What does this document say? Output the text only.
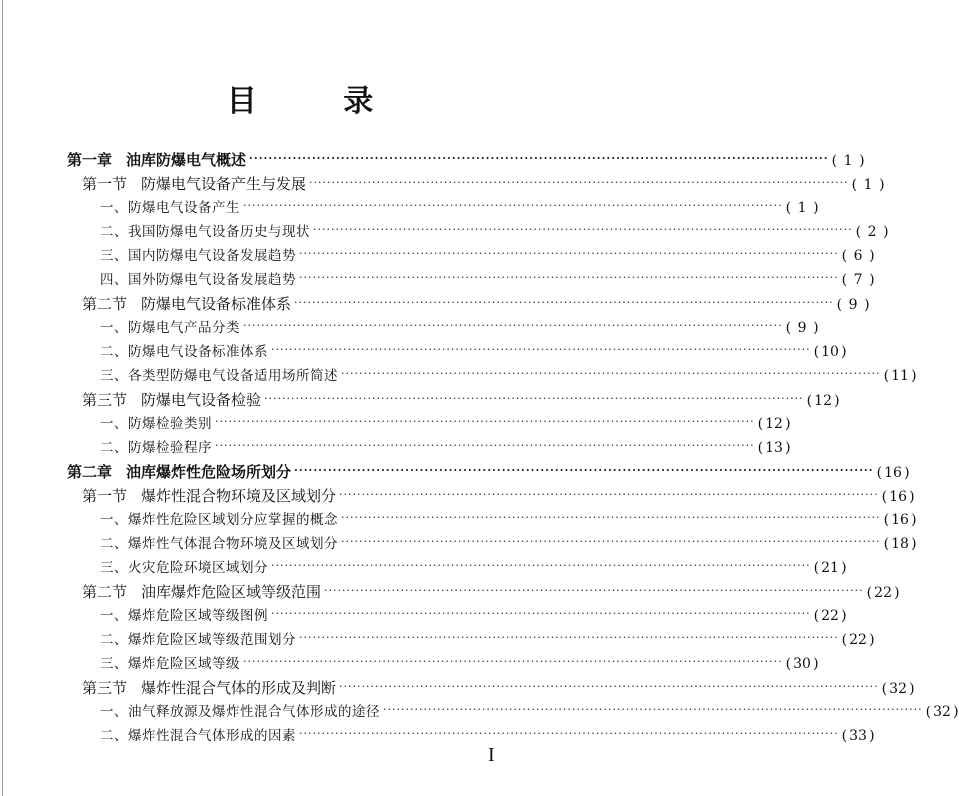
目 录
第一章 油库防爆电气概述 ························································································································ ( 1 )
第一节 防爆电气设备产生与发展 ························································································································ ( 1 )
一、防爆电气设备产生 ························································································································ ( 1 )
二、我国防爆电气设备历史与现状 ························································································································ ( 2 )
三、国内防爆电气设备发展趋势 ························································································································ ( 6 )
四、国外防爆电气设备发展趋势 ························································································································ ( 7 )
第二节 防爆电气设备标准体系 ························································································································ ( 9 )
一、防爆电气产品分类 ························································································································ ( 9 )
二、防爆电气设备标准体系 ························································································································ ( 10 )
三、各类型防爆电气设备适用场所简述 ························································································································ ( 11 )
第三节 防爆电气设备检验 ························································································································ ( 12 )
一、防爆检验类别 ························································································································ ( 12 )
二、防爆检验程序 ························································································································ ( 13 )
第二章 油库爆炸性危险场所划分 ························································································································ ( 16 )
第一节 爆炸性混合物环境及区域划分 ························································································································ ( 16 )
一、爆炸性危险区域划分应掌握的概念 ························································································································ ( 16 )
二、爆炸性气体混合物环境及区域划分 ························································································································ ( 18 )
三、火灾危险环境区域划分 ························································································································ ( 21 )
第二节 油库爆炸危险区域等级范围 ························································································································ ( 22 )
一、爆炸危险区域等级图例 ························································································································ ( 22 )
二、爆炸危险区域等级范围划分 ························································································································ ( 22 )
三、爆炸危险区域等级 ························································································································ ( 30 )
第三节 爆炸性混合气体的形成及判断 ························································································································ ( 32 )
一、油气释放源及爆炸性混合气体形成的途径 ························································································································ ( 32 )
二、爆炸性混合气体形成的因素 ························································································································ ( 33 )
I
